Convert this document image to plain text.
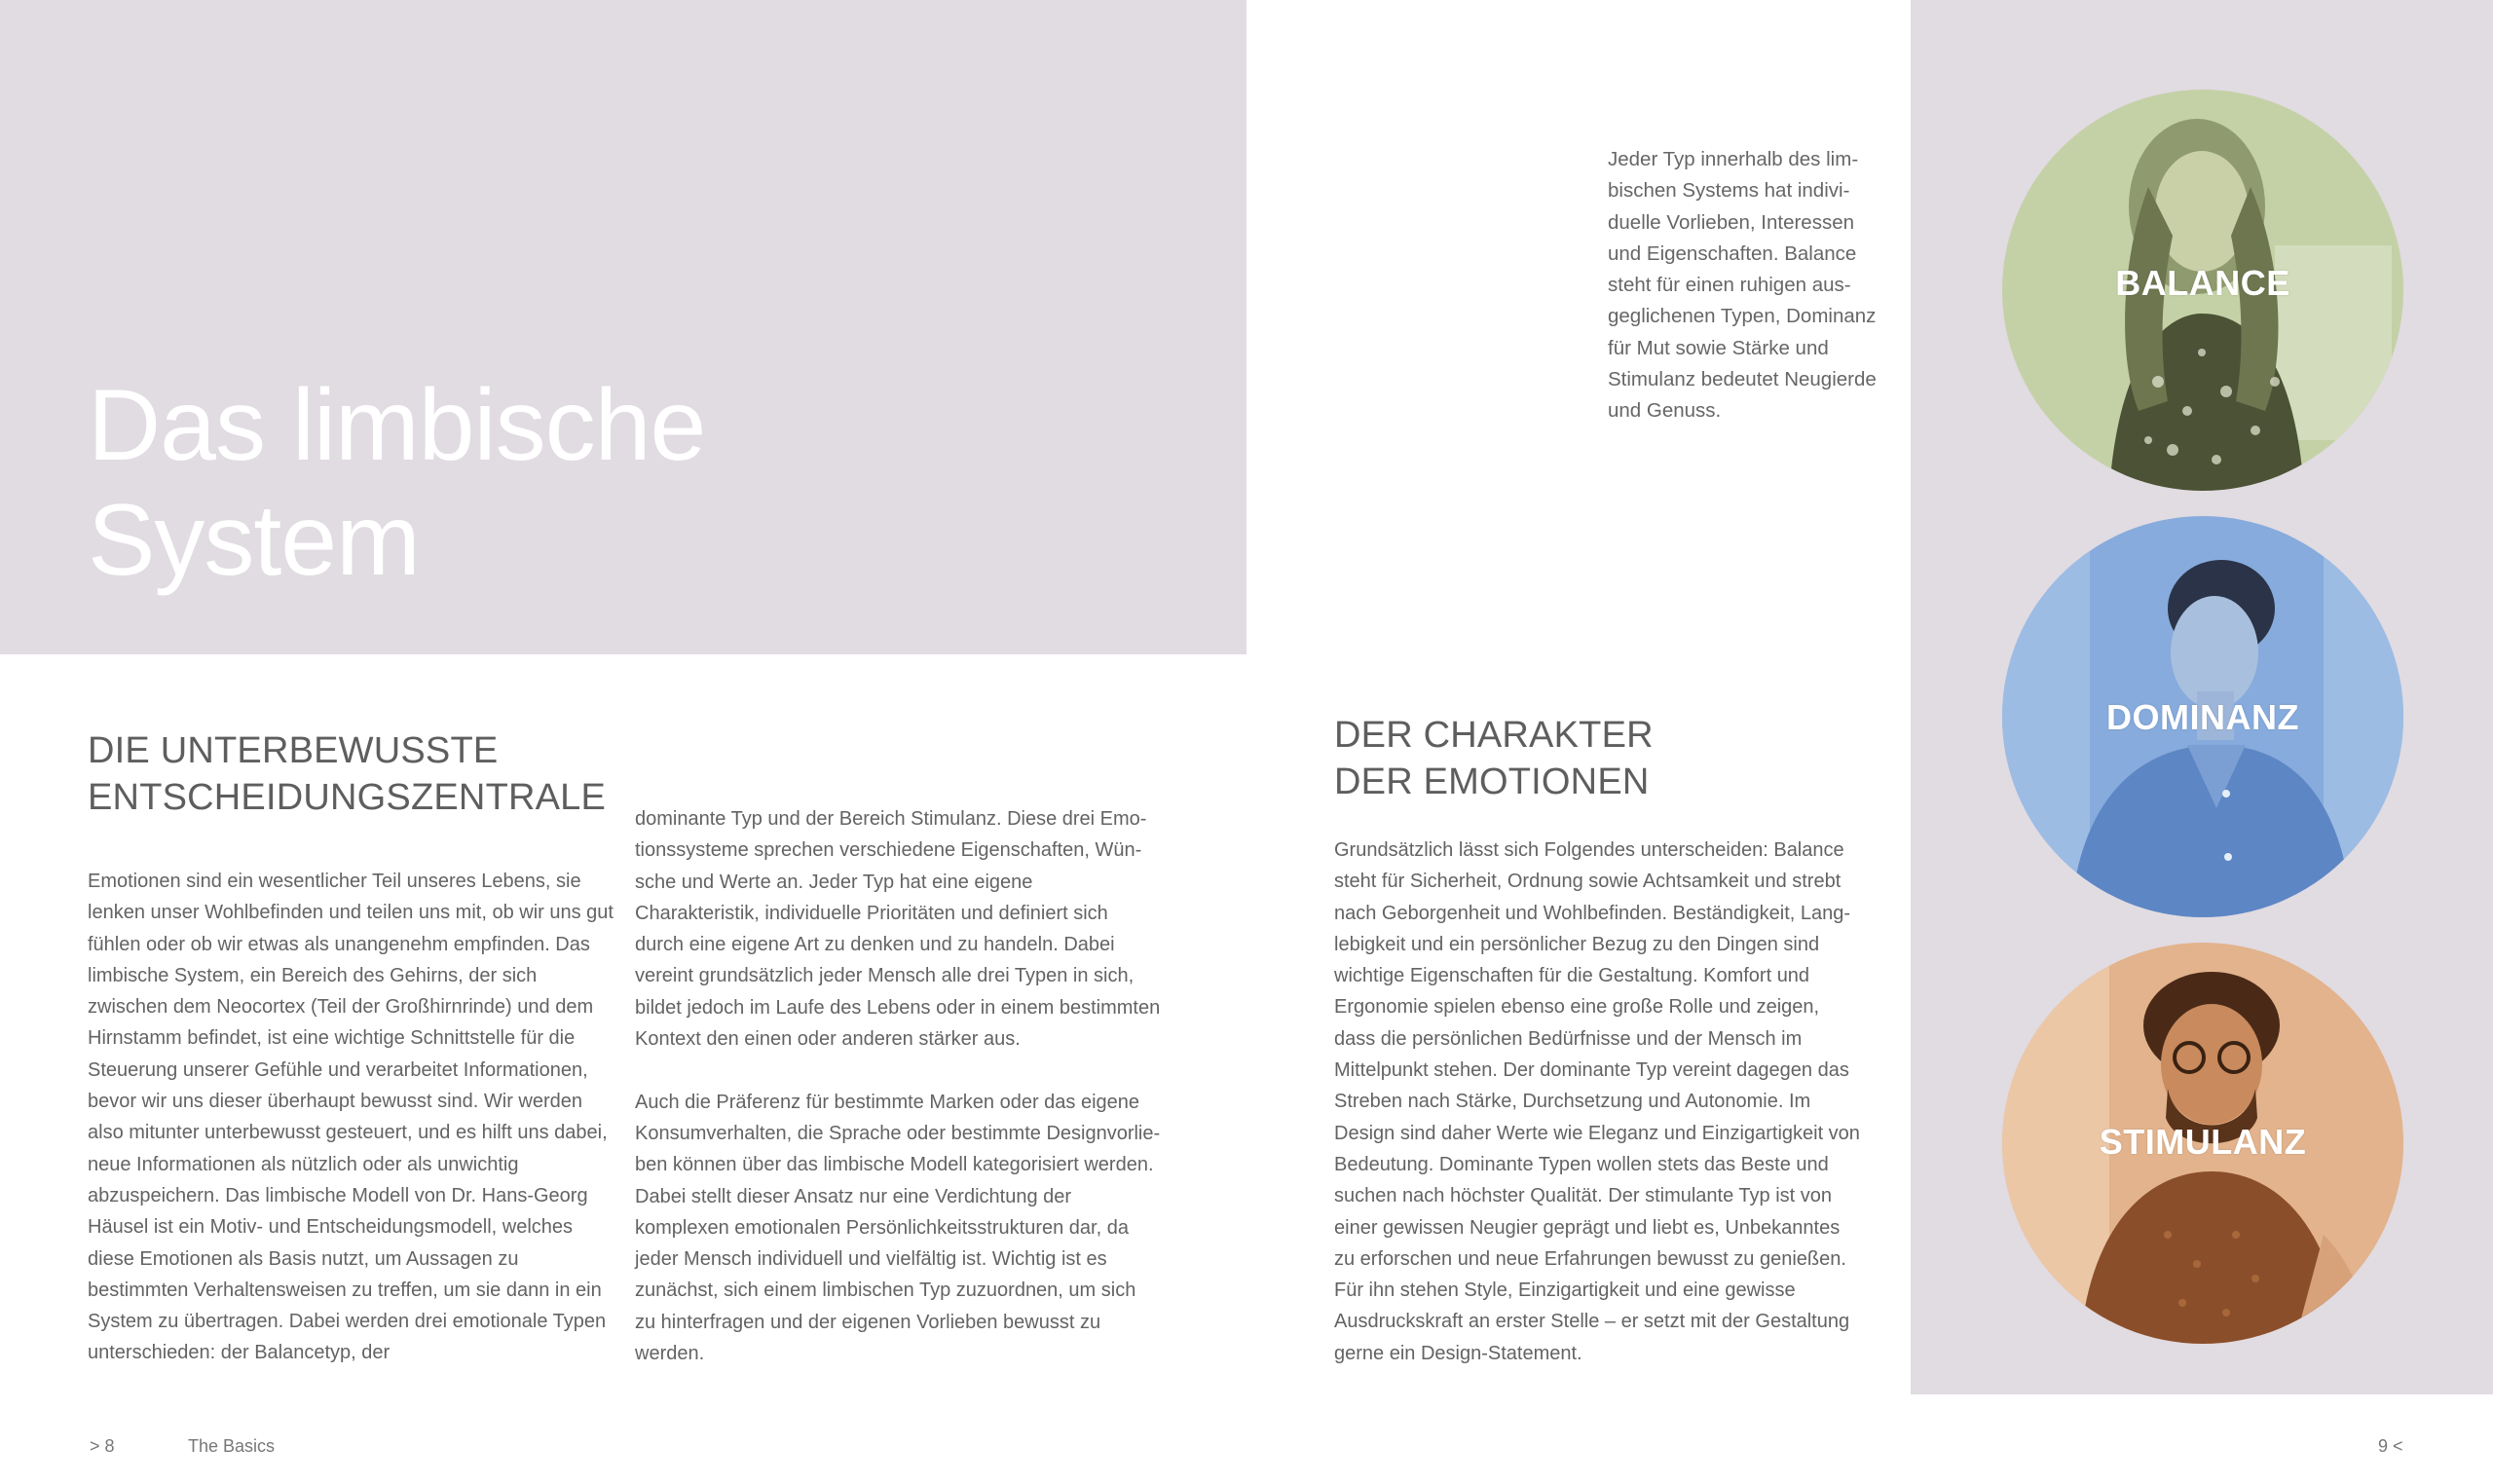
Das limbische
System
Jeder Typ innerhalb des limbischen Systems hat individuelle Vorlieben, Interessen und Eigenschaften. Balance steht für einen ruhigen ausgeglichenen Typen, Dominanz für Mut sowie Stärke und Stimulanz bedeutet Neugierde und Genuss.
DIE UNTERBEWUSSTE
ENTSCHEIDUNGSZENTRALE

Emotionen sind ein wesentlicher Teil unseres Lebens, sie lenken unser Wohlbefinden und teilen uns mit, ob wir uns gut fühlen oder ob wir etwas als unangenehm empfinden. Das limbische System, ein Bereich des Gehirns, der sich zwischen dem Neocortex (Teil der Großhirnrinde) und dem Hirnstamm befindet, ist eine wichtige Schnittstelle für die Steuerung unserer Gefühle und verarbeitet Informationen, bevor wir uns dieser überhaupt bewusst sind. Wir werden also mitunter unterbewusst gesteuert, und es hilft uns dabei, neue Informationen als nützlich oder als unwichtig abzuspeichern. Das limbische Modell von Dr. Hans-Georg Häusel ist ein Motiv- und Entscheidungsmodell, welches diese Emotionen als Basis nutzt, um Aussagen zu bestimmten Verhaltensweisen zu treffen, um sie dann in ein System zu übertragen. Dabei werden drei emotionale Typen unterschieden: der Balancetyp, der

dominante Typ und der Bereich Stimulanz. Diese drei Emotionssysteme sprechen verschiedene Eigenschaften, Wünsche und Werte an. Jeder Typ hat eine eigene Charakteristik, individuelle Prioritäten und definiert sich durch eine eigene Art zu denken und zu handeln. Dabei vereint grundsätzlich jeder Mensch alle drei Typen in sich, bildet jedoch im Laufe des Lebens oder in einem bestimmten Kontext den einen oder anderen stärker aus.

Auch die Präferenz für bestimmte Marken oder das eigene Konsumverhalten, die Sprache oder bestimmte Designvorlieben können über das limbische Modell kategorisiert werden. Dabei stellt dieser Ansatz nur eine Verdichtung der komplexen emotionalen Persönlichkeitsstrukturen dar, da jeder Mensch individuell und vielfältig ist. Wichtig ist es zunächst, sich einem limbischen Typ zuzuordnen, um sich zu hinterfragen und der eigenen Vorlieben bewusst zu werden.

DER CHARAKTER
DER EMOTIONEN

Grundsätzlich lässt sich Folgendes unterscheiden: Balance steht für Sicherheit, Ordnung sowie Achtsamkeit und strebt nach Geborgenheit und Wohlbefinden. Beständigkeit, Langlebigkeit und ein persönlicher Bezug zu den Dingen sind wichtige Eigenschaften für die Gestaltung. Komfort und Ergonomie spielen ebenso eine große Rolle und zeigen, dass die persönlichen Bedürfnisse und der Mensch im Mittelpunkt stehen. Der dominante Typ vereint dagegen das Streben nach Stärke, Durchsetzung und Autonomie. Im Design sind daher Werte wie Eleganz und Einzigartigkeit von Bedeutung. Dominante Typen wollen stets das Beste und suchen nach höchster Qualität. Der stimulante Typ ist von einer gewissen Neugier geprägt und liebt es, Unbekanntes zu erforschen und neue Erfahrungen bewusst zu genießen. Für ihn stehen Style, Einzigartigkeit und eine gewisse Ausdruckskraft an erster Stelle – er setzt mit der Gestaltung gerne ein Design-Statement.

BALANCE
DOMINANZ
STIMULANZ
> 8	The Basics	9 <
